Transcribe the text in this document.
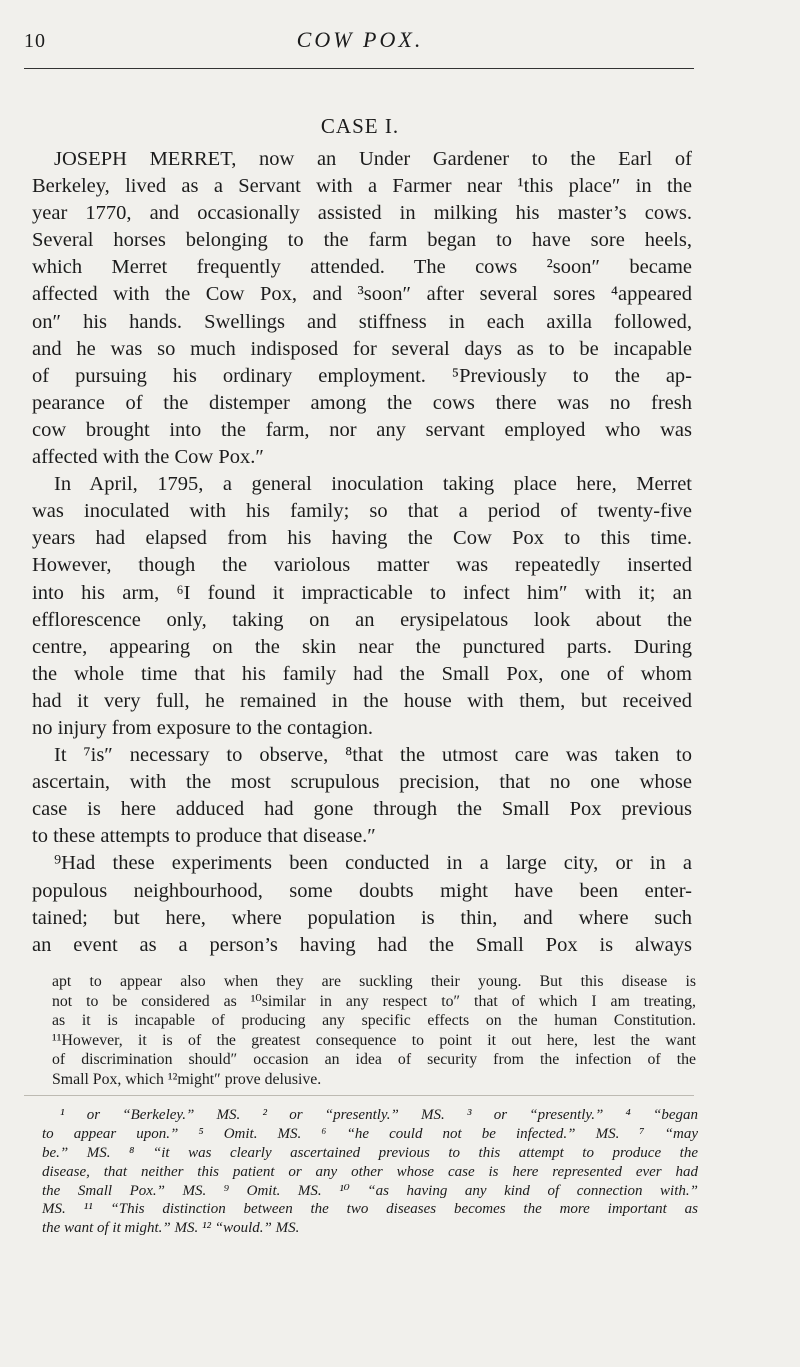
10	COW POX.
CASE I.
JOSEPH MERRET, now an Under Gardener to the Earl of
Berkeley, lived as a Servant with a Farmer near ¹this place″ in the
year 1770, and occasionally assisted in milking his master’s cows.
Several horses belonging to the farm began to have sore heels,
which Merret frequently attended. The cows ²soon″ became
affected with the Cow Pox, and ³soon″ after several sores ⁴appeared
on″ his hands. Swellings and stiffness in each axilla followed,
and he was so much indisposed for several days as to be incapable
of pursuing his ordinary employment. ⁵Previously to the ap-
pearance of the distemper among the cows there was no fresh
cow brought into the farm, nor any servant employed who was
affected with the Cow Pox.″
In April, 1795, a general inoculation taking place here, Merret
was inoculated with his family; so that a period of twenty-five
years had elapsed from his having the Cow Pox to this time.
However, though the variolous matter was repeatedly inserted
into his arm, ⁶I found it impracticable to infect him″ with it; an
efflorescence only, taking on an erysipelatous look about the
centre, appearing on the skin near the punctured parts. During
the whole time that his family had the Small Pox, one of whom
had it very full, he remained in the house with them, but received
no injury from exposure to the contagion.
It ⁷is″ necessary to observe, ⁸that the utmost care was taken to
ascertain, with the most scrupulous precision, that no one whose
case is here adduced had gone through the Small Pox previous
to these attempts to produce that disease.″
⁹Had these experiments been conducted in a large city, or in a
populous neighbourhood, some doubts might have been enter-
tained; but here, where population is thin, and where such
an event as a person’s having had the Small Pox is always
apt to appear also when they are suckling their young. But this disease is
not to be considered as ¹⁰similar in any respect to″ that of which I am treating,
as it is incapable of producing any specific effects on the human Constitution.
¹¹However, it is of the greatest consequence to point it out here, lest the want
of discrimination should″ occasion an idea of security from the infection of the
Small Pox, which ¹²might″ prove delusive.
¹ or “Berkeley.” MS. ² or “presently.” MS. ³ or “presently.” ⁴ “began
to appear upon.” ⁵ Omit. MS. ⁶ “he could not be infected.” MS. ⁷ “may
be.” MS. ⁸ “it was clearly ascertained previous to this attempt to produce the
disease, that neither this patient or any other whose case is here represented ever had
the Small Pox.” MS. ⁹ Omit. MS. ¹⁰ “as having any kind of connection with.”
MS. ¹¹ “This distinction between the two diseases becomes the more important as
the want of it might.” MS. ¹² “would.” MS.
